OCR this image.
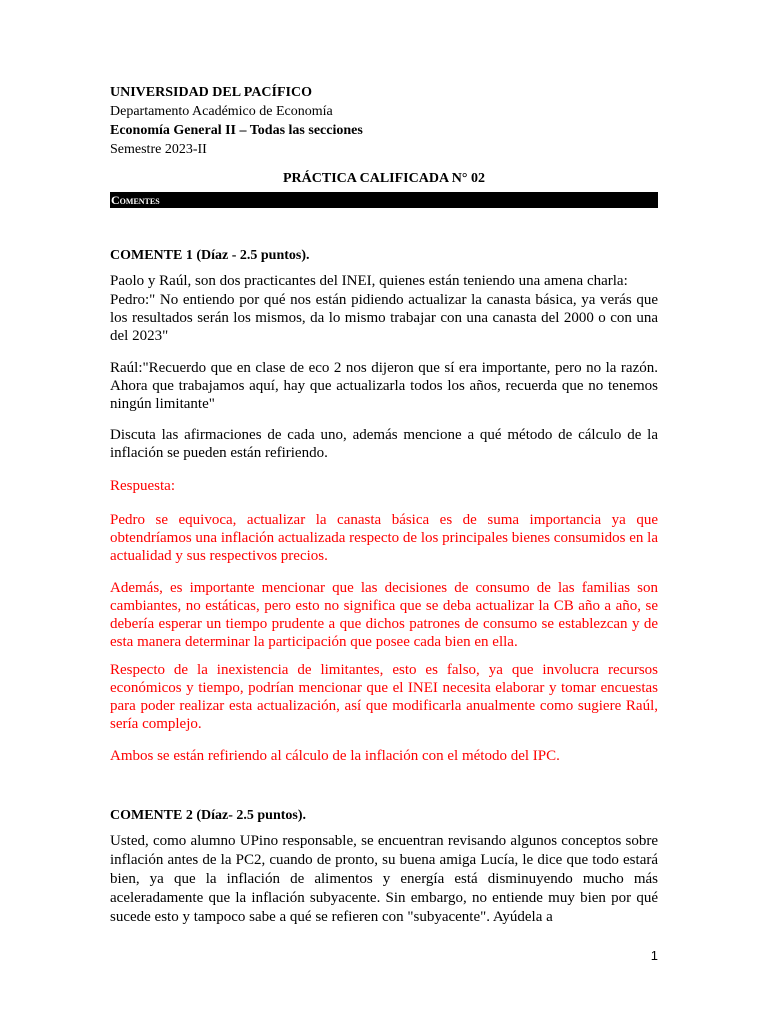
UNIVERSIDAD DEL PACÍFICO
Departamento Académico de Economía
Economía General II – Todas las secciones
Semestre 2023-II
PRÁCTICA CALIFICADA N° 02
Comentes

COMENTE 1 (Díaz - 2.5 puntos).

Paolo y Raúl, son dos practicantes del INEI, quienes están teniendo una amena charla:

Pedro:" No entiendo por qué nos están pidiendo actualizar la canasta básica, ya verás que los resultados serán los mismos, da lo mismo trabajar con una canasta del 2000 o con una del 2023"

Raúl:"Recuerdo que en clase de eco 2 nos dijeron que sí era importante, pero no la razón. Ahora que trabajamos aquí, hay que actualizarla todos los años, recuerda que no tenemos ningún limitante"

Discuta las afirmaciones de cada uno, además mencione a qué método de cálculo de la inflación se pueden están refiriendo.

Respuesta:

Pedro se equivoca, actualizar la canasta básica es de suma importancia ya que obtendríamos una inflación actualizada respecto de los principales bienes consumidos en la actualidad y sus respectivos precios.

Además, es importante mencionar que las decisiones de consumo de las familias son cambiantes, no estáticas, pero esto no significa que se deba actualizar la CB año a año, se debería esperar un tiempo prudente a que dichos patrones de consumo se establezcan y de esta manera determinar la participación que posee cada bien en ella.

Respecto de la inexistencia de limitantes, esto es falso, ya que involucra recursos económicos y tiempo, podrían mencionar que el INEI necesita elaborar y tomar encuestas para poder realizar esta actualización, así que modificarla anualmente como sugiere Raúl, sería complejo.

Ambos se están refiriendo al cálculo de la inflación con el método del IPC.

COMENTE 2 (Díaz- 2.5 puntos).

Usted, como alumno UPino responsable, se encuentran revisando algunos conceptos sobre inflación antes de la PC2, cuando de pronto, su buena amiga Lucía, le dice que todo estará bien, ya que la inflación de alimentos y energía está disminuyendo mucho más aceleradamente que la inflación subyacente. Sin embargo, no entiende muy bien por qué sucede esto y tampoco sabe a qué se refieren con "subyacente". Ayúdela a

1
